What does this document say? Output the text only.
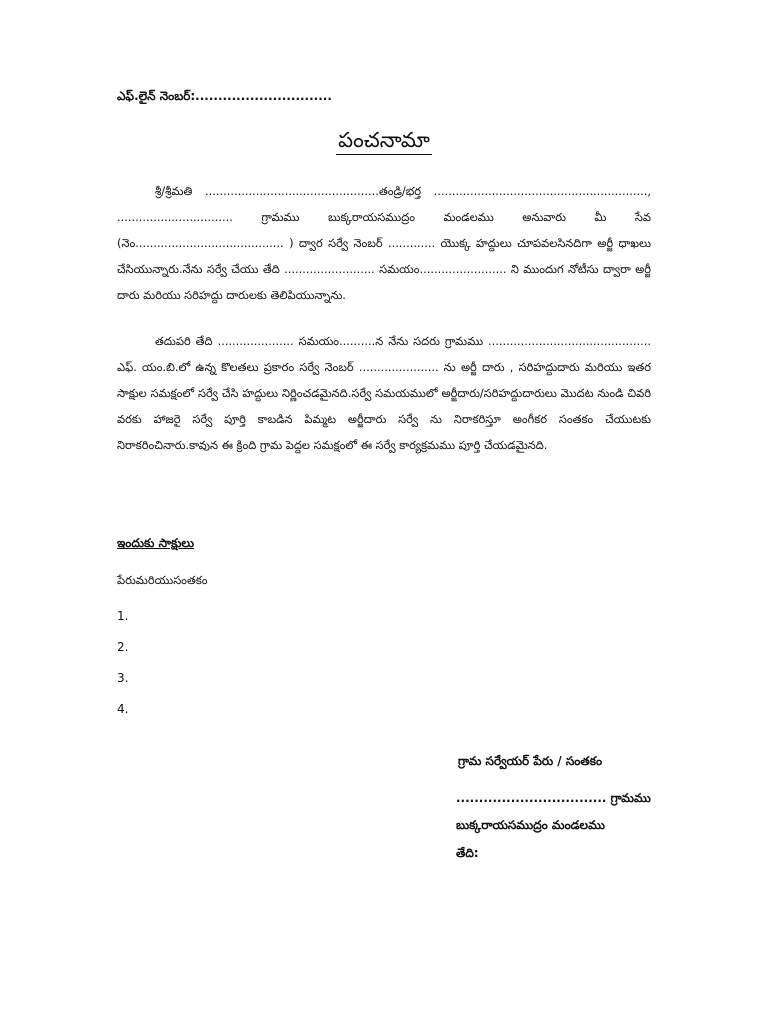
ఎఫ్.లైన్ నెంబర్:..............................
పంచనామా

శ్రీ/శ్రీమతి ................................................తండ్రి/భర్త ..........................................................., ................................ గ్రామము బుక్కరాయసముద్రం మండలము అనువారు మీ సేవ (నెం......................................... ) ద్వార సర్వే నెంబర్ ............. యొక్క హద్దులు చూపవలసినదిగా అర్జీ ధాఖలు చేసియున్నారు.నేను సర్వే చేయు తేది ......................... సమయం........................ ని ముందుగ నోటీసు ద్వారా అర్జీ దారు మరియు సరిహద్దు దారులకు తెలిపియున్నాను.

తదుపరి తేది ..................... సమయం..........న నేను సదరు గ్రామము ............................................. ఎఫ్. యం.బి.లో ఉన్న కొలతలు ప్రకారం సర్వే నెంబర్ ...................... ను అర్జీ దారు , సరిహద్దుదారు మరియు ఇతర సాక్షుల సమక్షంలో సర్వే చేసి హద్దులు నిర్ణించడమైనది.సర్వే సమయములో అర్జీదారు/సరిహద్దుదారులు మొదట నుండి చివరి వరకు హాజరై సర్వే పూర్తి కాబడిన పిమ్మట అర్జీదారు సర్వే ను నిరాకరిస్తూ అంగీకర సంతకం చేయుటకు నిరాకరించినారు.కావున ఈ క్రింది గ్రామ పెద్దల సమక్షంలో ఈ సర్వే కార్యక్రమము పూర్తి చేయడమైనది.

ఇందుకు సాక్షులు
పేరుమరియుసంతకం
1.
2.
3.
4.
గ్రామ సర్వేయర్ పేరు / సంతకం
................................. గ్రామము
బుక్కరాయసముద్రం మండలము
తేది:
